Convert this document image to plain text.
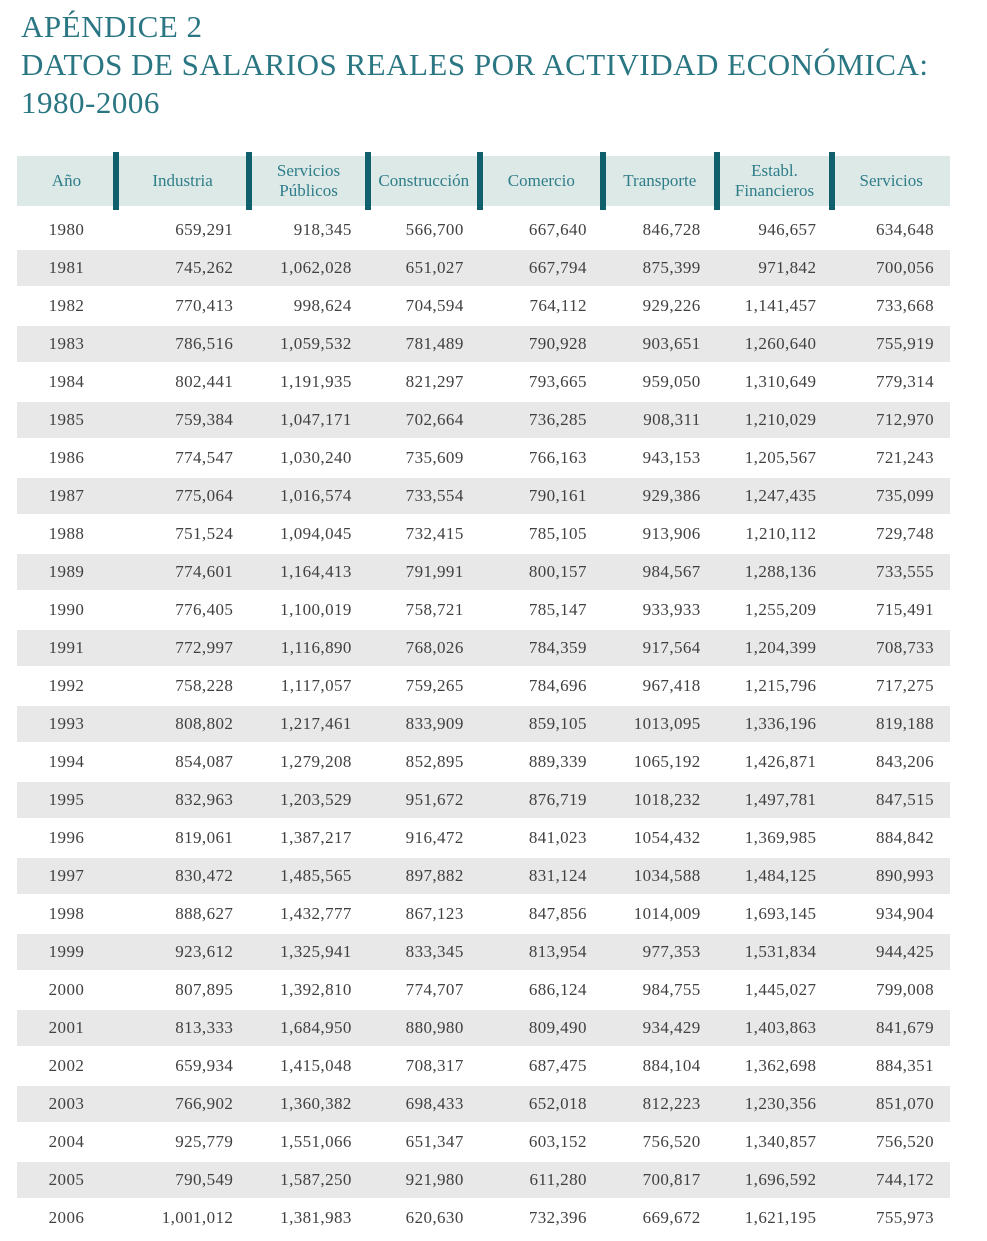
APÉNDICE 2
DATOS DE SALARIOS REALES POR ACTIVIDAD ECONÓMICA:
1980-2006
Año	Industria	Servicios Públicos	Construcción	Comercio	Transporte	Establ. Financieros	Servicios

1980	659,291	918,345	566,700	667,640	846,728	946,657	634,648
1981	745,262	1,062,028	651,027	667,794	875,399	971,842	700,056
1982	770,413	998,624	704,594	764,112	929,226	1,141,457	733,668
1983	786,516	1,059,532	781,489	790,928	903,651	1,260,640	755,919
1984	802,441	1,191,935	821,297	793,665	959,050	1,310,649	779,314
1985	759,384	1,047,171	702,664	736,285	908,311	1,210,029	712,970
1986	774,547	1,030,240	735,609	766,163	943,153	1,205,567	721,243
1987	775,064	1,016,574	733,554	790,161	929,386	1,247,435	735,099
1988	751,524	1,094,045	732,415	785,105	913,906	1,210,112	729,748
1989	774,601	1,164,413	791,991	800,157	984,567	1,288,136	733,555
1990	776,405	1,100,019	758,721	785,147	933,933	1,255,209	715,491
1991	772,997	1,116,890	768,026	784,359	917,564	1,204,399	708,733
1992	758,228	1,117,057	759,265	784,696	967,418	1,215,796	717,275
1993	808,802	1,217,461	833,909	859,105	1013,095	1,336,196	819,188
1994	854,087	1,279,208	852,895	889,339	1065,192	1,426,871	843,206
1995	832,963	1,203,529	951,672	876,719	1018,232	1,497,781	847,515
1996	819,061	1,387,217	916,472	841,023	1054,432	1,369,985	884,842
1997	830,472	1,485,565	897,882	831,124	1034,588	1,484,125	890,993
1998	888,627	1,432,777	867,123	847,856	1014,009	1,693,145	934,904
1999	923,612	1,325,941	833,345	813,954	977,353	1,531,834	944,425
2000	807,895	1,392,810	774,707	686,124	984,755	1,445,027	799,008
2001	813,333	1,684,950	880,980	809,490	934,429	1,403,863	841,679
2002	659,934	1,415,048	708,317	687,475	884,104	1,362,698	884,351
2003	766,902	1,360,382	698,433	652,018	812,223	1,230,356	851,070
2004	925,779	1,551,066	651,347	603,152	756,520	1,340,857	756,520
2005	790,549	1,587,250	921,980	611,280	700,817	1,696,592	744,172
2006	1,001,012	1,381,983	620,630	732,396	669,672	1,621,195	755,973
